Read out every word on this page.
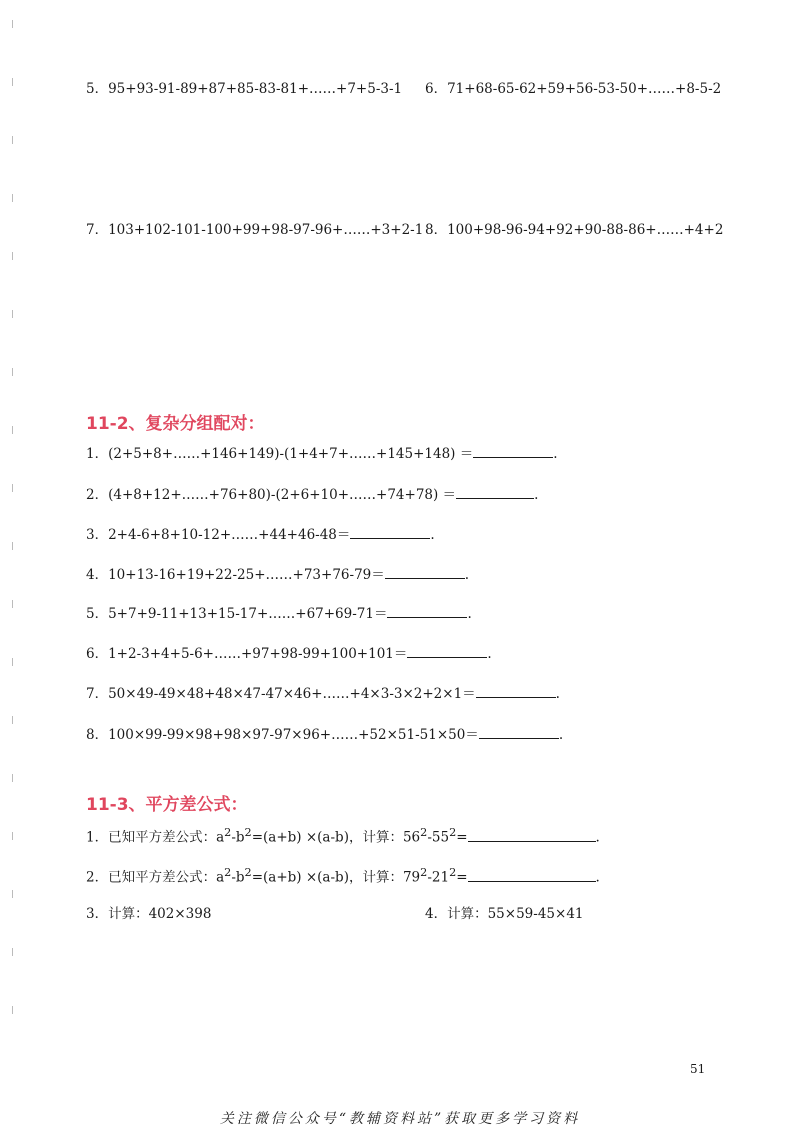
5．95+93-91-89+87+85-83-81+……+7+5-3-1 6．71+68-65-62+59+56-53-50+……+8-5-2
7．103+102-101-100+99+98-97-96+……+3+2-1 8．100+98-96-94+92+90-88-86+……+4+2
11-2、复杂分组配对：
1．(2+5+8+……+146+149)-(1+4+7+……+145+148) ＝	.
2．(4+8+12+……+76+80)-(2+6+10+……+74+78) ＝	.
3．2+4-6+8+10-12+……+44+46-48＝	.
4．10+13-16+19+22-25+……+73+76-79＝	.
5．5+7+9-11+13+15-17+……+67+69-71＝	.
6．1+2-3+4+5-6+……+97+98-99+100+101＝	.
7．50×49-49×48+48×47-47×46+……+4×3-3×2+2×1＝	.
8．100×99-99×98+98×97-97×96+……+52×51-51×50＝	.
11-3、平方差公式：
1．已知平方差公式：$a^2-b^2=(a+b) \times(a-b)$，计算：$56^2-55^2=$	.
2．已知平方差公式：$a^2-b^2=(a+b) \times(a-b)$，计算：$79^2-21^2=$	.
3．计算：402×398	4．计算：55×59-45×41
51
关注微信公众号“教辅资料站”获取更多学习资料
